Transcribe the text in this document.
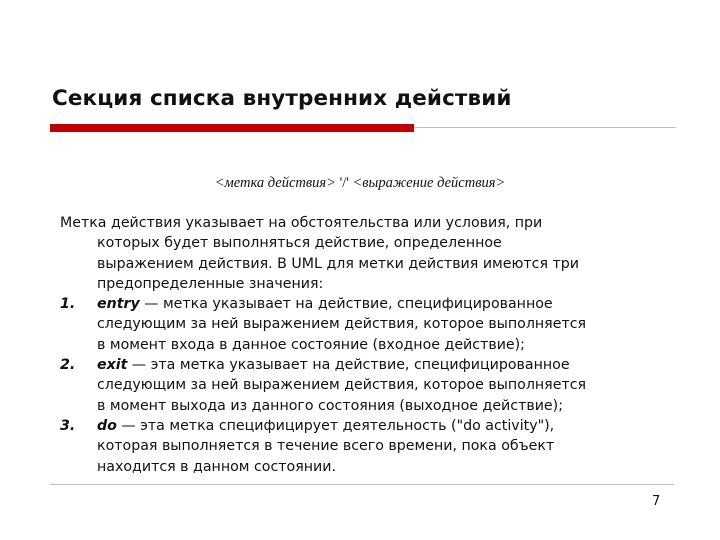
Секция списка внутренних действий
<метка действия> '/' <выражение действия>
Метка действия указывает на обстоятельства или условия, при
которых будет выполняться действие, определенное
выражением действия. В UML для метки действия имеются три
предопределенные значения:
1.	entry — метка указывает на действие, специфицированное
следующим за ней выражением действия, которое выполняется
в момент входа в данное состояние (входное действие);
2.	exit — эта метка указывает на действие, специфицированное
следующим за ней выражением действия, которое выполняется
в момент выхода из данного состояния (выходное действие);
3.	do — эта метка специфицирует деятельность ("do activity"),
которая выполняется в течение всего времени, пока объект
находится в данном состоянии.
7
